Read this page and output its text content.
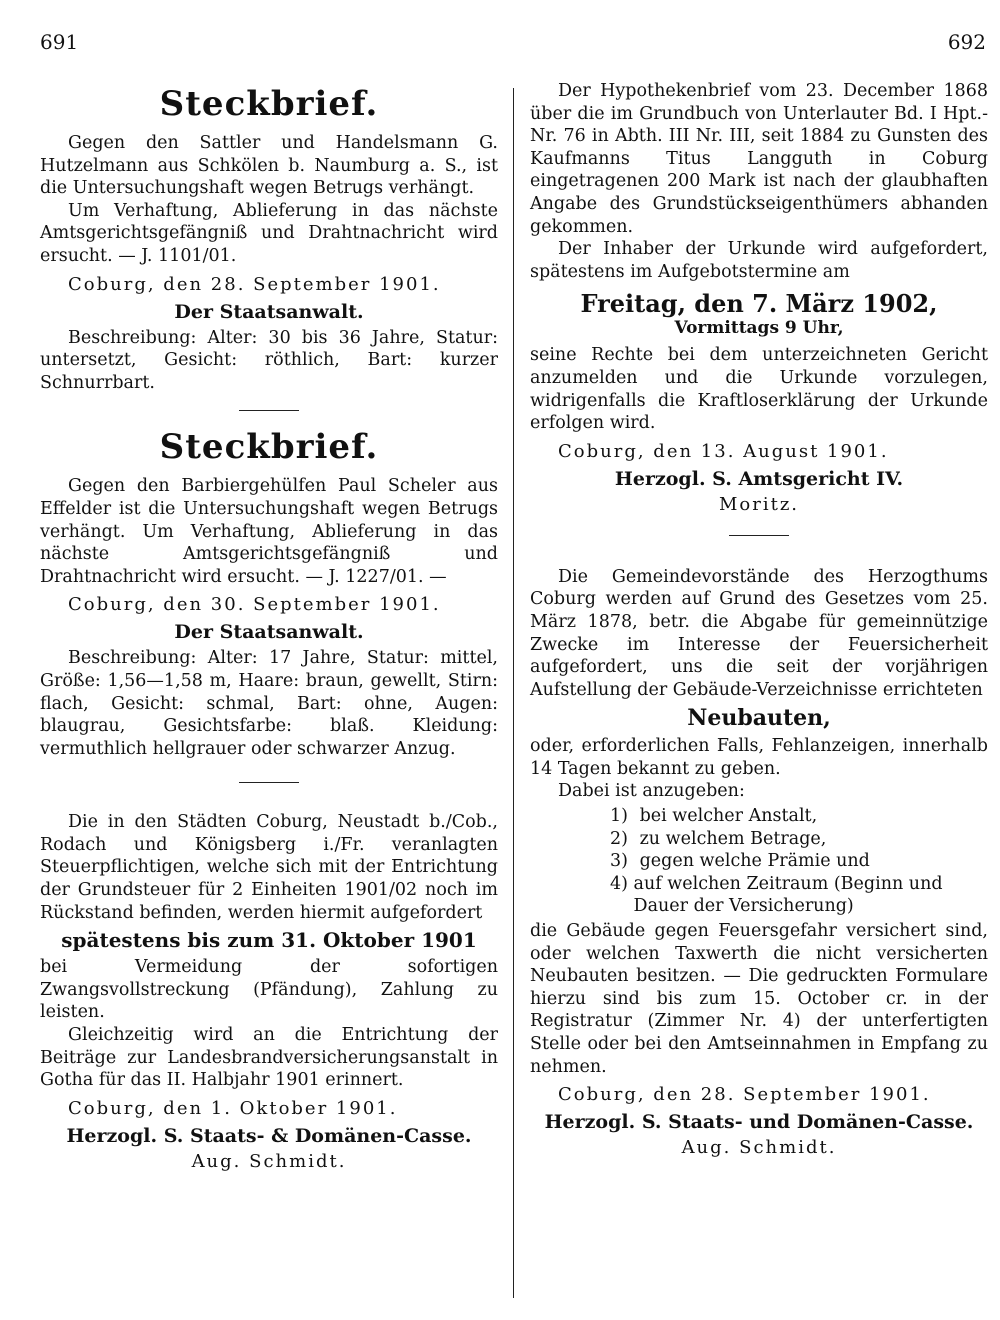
691	692
Steckbrief.

Gegen den Sattler und Handelsmann G. Hutzelmann aus Schkölen b. Naumburg a. S., ist die Untersuchungshaft wegen Betrugs verhängt.

Um Verhaftung, Ablieferung in das nächste Amtsgerichtsgefängniß und Drahtnachricht wird ersucht. — J. 1101/01.

Coburg, den 28. September 1901.

Der Staatsanwalt.

Beschreibung: Alter: 30 bis 36 Jahre, Statur: untersetzt, Gesicht: röthlich, Bart: kurzer Schnurrbart.

Steckbrief.

Gegen den Barbiergehülfen Paul Scheler aus Effelder ist die Untersuchungshaft wegen Betrugs verhängt. Um Verhaftung, Ablieferung in das nächste Amtsgerichtsgefängniß und Drahtnachricht wird ersucht. — J. 1227/01. —

Coburg, den 30. September 1901.

Der Staatsanwalt.

Beschreibung: Alter: 17 Jahre, Statur: mittel, Größe: 1,56—1,58 m, Haare: braun, gewellt, Stirn: flach, Gesicht: schmal, Bart: ohne, Augen: blaugrau, Gesichtsfarbe: blaß. Kleidung: vermuthlich hellgrauer oder schwarzer Anzug.

Die in den Städten Coburg, Neustadt b./Cob., Rodach und Königsberg i./Fr. veranlagten Steuerpflichtigen, welche sich mit der Entrichtung der Grundsteuer für 2 Einheiten 1901/02 noch im Rückstand befinden, werden hiermit aufgefordert

spätestens bis zum 31. Oktober 1901

bei Vermeidung der sofortigen Zwangsvollstreckung (Pfändung), Zahlung zu leisten.

Gleichzeitig wird an die Entrichtung der Beiträge zur Landesbrandversicherungsanstalt in Gotha für das II. Halbjahr 1901 erinnert.

Coburg, den 1. Oktober 1901.

Herzogl. S. Staats- & Domänen-Casse.
Aug. Schmidt.

Der Hypothekenbrief vom 23. December 1868 über die im Grundbuch von Unterlauter Bd. I Hpt.-Nr. 76 in Abth. III Nr. III, seit 1884 zu Gunsten des Kaufmanns Titus Langguth in Coburg eingetragenen 200 Mark ist nach der glaubhaften Angabe des Grundstückseigenthümers abhanden gekommen.

Der Inhaber der Urkunde wird aufgefordert, spätestens im Aufgebotstermine am

Freitag, den 7. März 1902,
Vormittags 9 Uhr,

seine Rechte bei dem unterzeichneten Gericht anzumelden und die Urkunde vorzulegen, widrigenfalls die Kraftloserklärung der Urkunde erfolgen wird.

Coburg, den 13. August 1901.

Herzogl. S. Amtsgericht IV.
Moritz.

Die Gemeindevorstände des Herzogthums Coburg werden auf Grund des Gesetzes vom 25. März 1878, betr. die Abgabe für gemeinnützige Zwecke im Interesse der Feuersicherheit aufgefordert, uns die seit der vorjährigen Aufstellung der Gebäude-Verzeichnisse errichteten

Neubauten,

oder, erforderlichen Falls, Fehlanzeigen, innerhalb 14 Tagen bekannt zu geben.

Dabei ist anzugeben:

1)
bei welcher Anstalt,
2)
zu welchem Betrage,
3)
gegen welche Prämie und
4)
auf welchen Zeitraum (Beginn und Dauer der Versicherung)

die Gebäude gegen Feuersgefahr versichert sind, oder welchen Taxwerth die nicht versicherten Neubauten besitzen. — Die gedruckten Formulare hierzu sind bis zum 15. October cr. in der Registratur (Zimmer Nr. 4) der unterfertigten Stelle oder bei den Amtseinnahmen in Empfang zu nehmen.

Coburg, den 28. September 1901.

Herzogl. S. Staats- und Domänen-Casse.
Aug. Schmidt.
